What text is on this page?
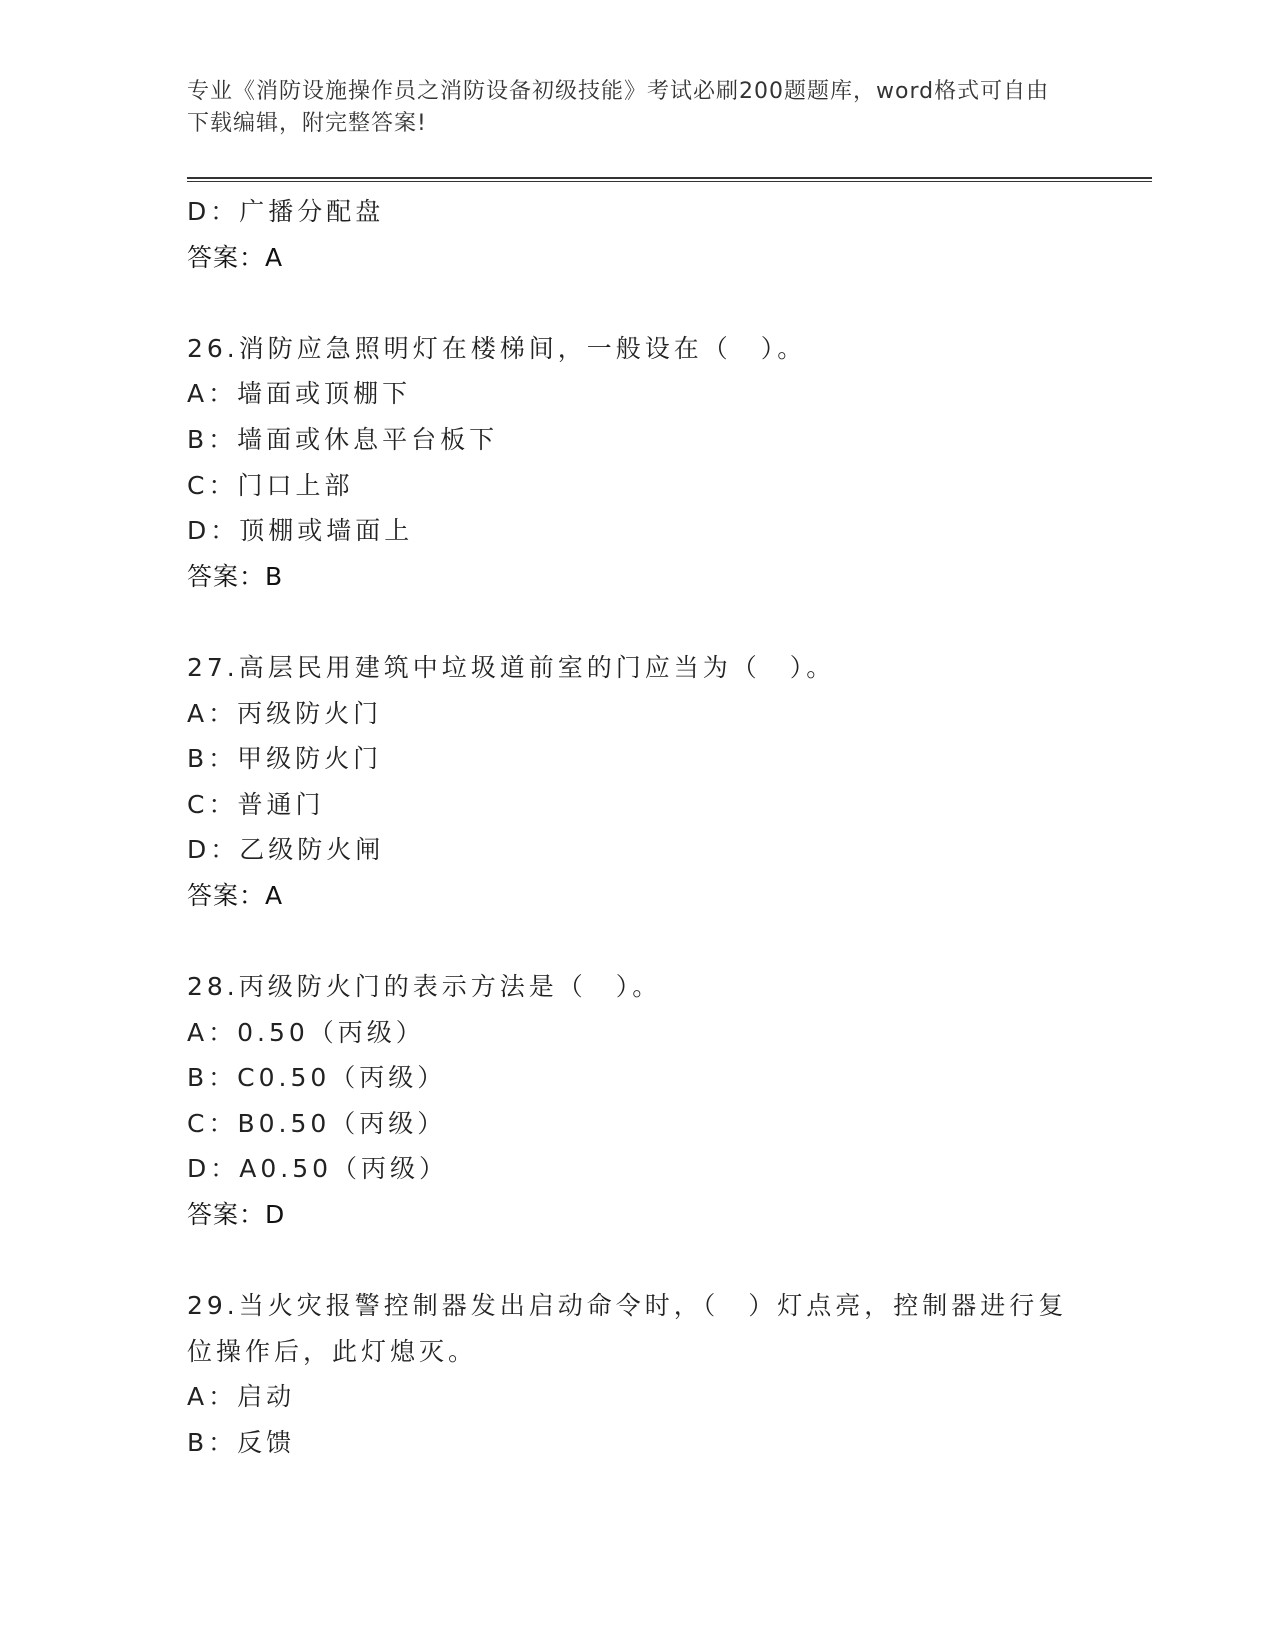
专业《消防设施操作员之消防设备初级技能》考试必刷200题题库，word格式可自由下载编辑，附完整答案!
D：广播分配盘
答案：A
26.消防应急照明灯在楼梯间，一般设在（　）。
A：墙面或顶棚下
B：墙面或休息平台板下
C：门口上部
D：顶棚或墙面上
答案：B
27.高层民用建筑中垃圾道前室的门应当为（　）。
A：丙级防火门
B：甲级防火门
C：普通门
D：乙级防火闸
答案：A
28.丙级防火门的表示方法是（　）。
A：0.50（丙级）
B：C0.50（丙级）
C：B0.50（丙级）
D：A0.50（丙级）
答案：D
29.当火灾报警控制器发出启动命令时，（　）灯点亮，控制器进行复位操作后，此灯熄灭。
A：启动
B：反馈
